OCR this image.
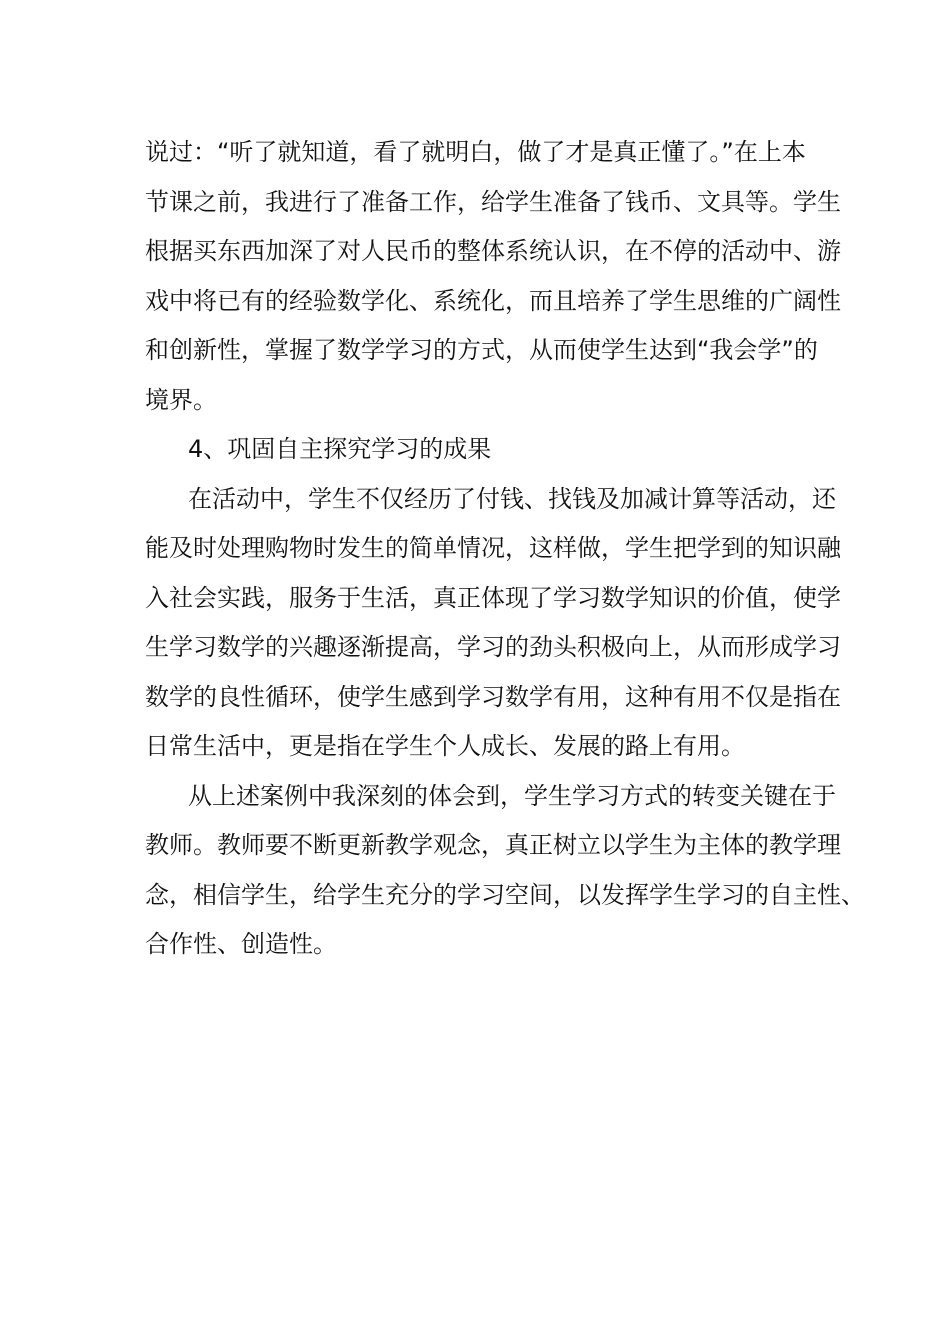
说过：“听了就知道，看了就明白，做了才是真正懂了。”在上本
节课之前，我进行了准备工作，给学生准备了钱币、文具等。学生
根据买东西加深了对人民币的整体系统认识，在不停的活动中、游
戏中将已有的经验数学化、系统化，而且培养了学生思维的广阔性
和创新性，掌握了数学学习的方式，从而使学生达到“我会学”的
境界。
4、巩固自主探究学习的成果
在活动中，学生不仅经历了付钱、找钱及加减计算等活动，还
能及时处理购物时发生的简单情况，这样做，学生把学到的知识融
入社会实践，服务于生活，真正体现了学习数学知识的价值，使学
生学习数学的兴趣逐渐提高，学习的劲头积极向上，从而形成学习
数学的良性循环，使学生感到学习数学有用，这种有用不仅是指在
日常生活中，更是指在学生个人成长、发展的路上有用。
从上述案例中我深刻的体会到，学生学习方式的转变关键在于
教师。教师要不断更新教学观念，真正树立以学生为主体的教学理
念，相信学生，给学生充分的学习空间，以发挥学生学习的自主性、
合作性、创造性。
